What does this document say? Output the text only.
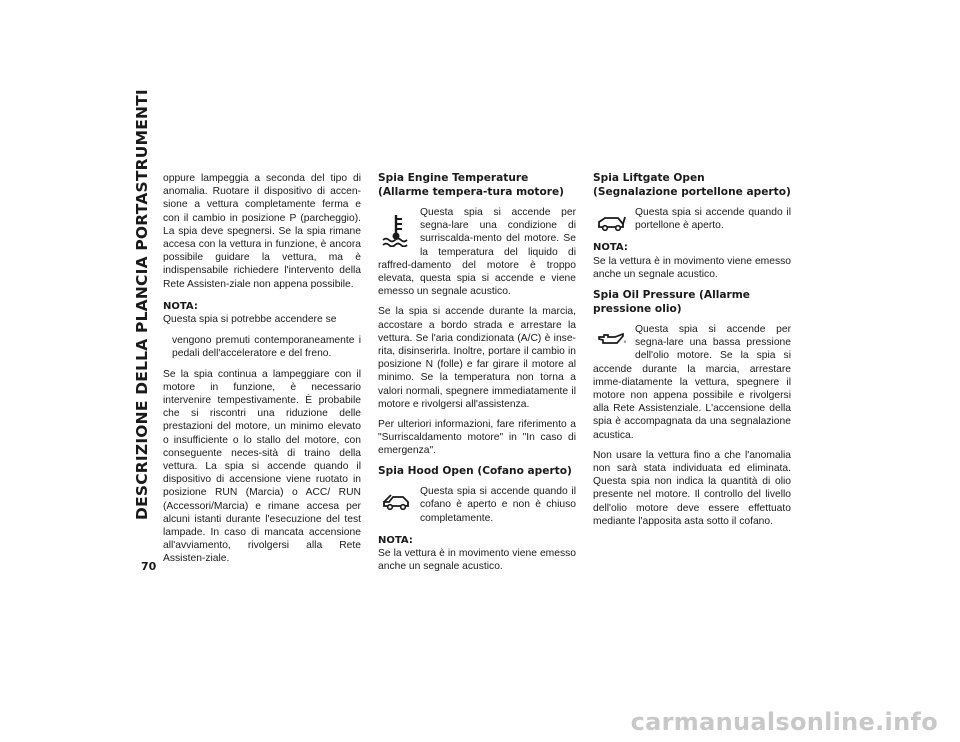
DESCRIZIONE DELLA PLANCIA PORTASTRUMENTI
70

oppure lampeggia a seconda del tipo di anomalia. Ruotare il dispositivo di accen-sione a vettura completamente ferma e con il cambio in posizione P (parcheggio). La spia deve spegnersi. Se la spia rimane accesa con la vettura in funzione, è ancora possibile guidare la vettura, ma è indispensabile richiedere l'intervento della Rete Assisten-ziale non appena possibile.

NOTA:

Questa spia si potrebbe accendere se

vengono premuti contemporaneamente i pedali dell'acceleratore e del freno.

Se la spia continua a lampeggiare con il motore in funzione, è necessario intervenire tempestivamente. È probabile che si riscontri una riduzione delle prestazioni del motore, un minimo elevato o insufficiente o lo stallo del motore, con conseguente neces-sità di traino della vettura. La spia si accende quando il dispositivo di accensione viene ruotato in posizione RUN (Marcia) o ACC/ RUN (Accessori/Marcia) e rimane accesa per alcuni istanti durante l'esecuzione del test lampade. In caso di mancata accensione all'avviamento, rivolgersi alla Rete Assisten-ziale.

Spia Engine Temperature (Allarme tempera-tura motore)

Questa spia si accende per segna-lare una condizione di surriscalda-mento del motore. Se la temperatura del liquido di raffred-damento del motore è troppo elevata, questa spia si accende e viene emesso un segnale acustico.

Se la spia si accende durante la marcia, accostare a bordo strada e arrestare la vettura. Se l'aria condizionata (A/C) è inse-rita, disinserirla. Inoltre, portare il cambio in posizione N (folle) e far girare il motore al minimo. Se la temperatura non torna a valori normali, spegnere immediatamente il motore e rivolgersi all'assistenza.

Per ulteriori informazioni, fare riferimento a "Surriscaldamento motore" in "In caso di emergenza".

Spia Hood Open (Cofano aperto)

Questa spia si accende quando il cofano è aperto e non è chiuso completamente.

NOTA:

Se la vettura è in movimento viene emesso anche un segnale acustico.

Spia Liftgate Open (Segnalazione portellone aperto)

Questa spia si accende quando il portellone è aperto.

NOTA:

Se la vettura è in movimento viene emesso anche un segnale acustico.

Spia Oil Pressure (Allarme pressione olio)

Questa spia si accende per segna-lare una bassa pressione dell'olio motore. Se la spia si accende durante la marcia, arrestare imme-diatamente la vettura, spegnere il motore non appena possibile e rivolgersi alla Rete Assistenziale. L'accensione della spia è accompagnata da una segnalazione acustica.

Non usare la vettura fino a che l'anomalia non sarà stata individuata ed eliminata. Questa spia non indica la quantità di olio presente nel motore. Il controllo del livello dell'olio motore deve essere effettuato mediante l'apposita asta sotto il cofano.

carmanualsonline.info
